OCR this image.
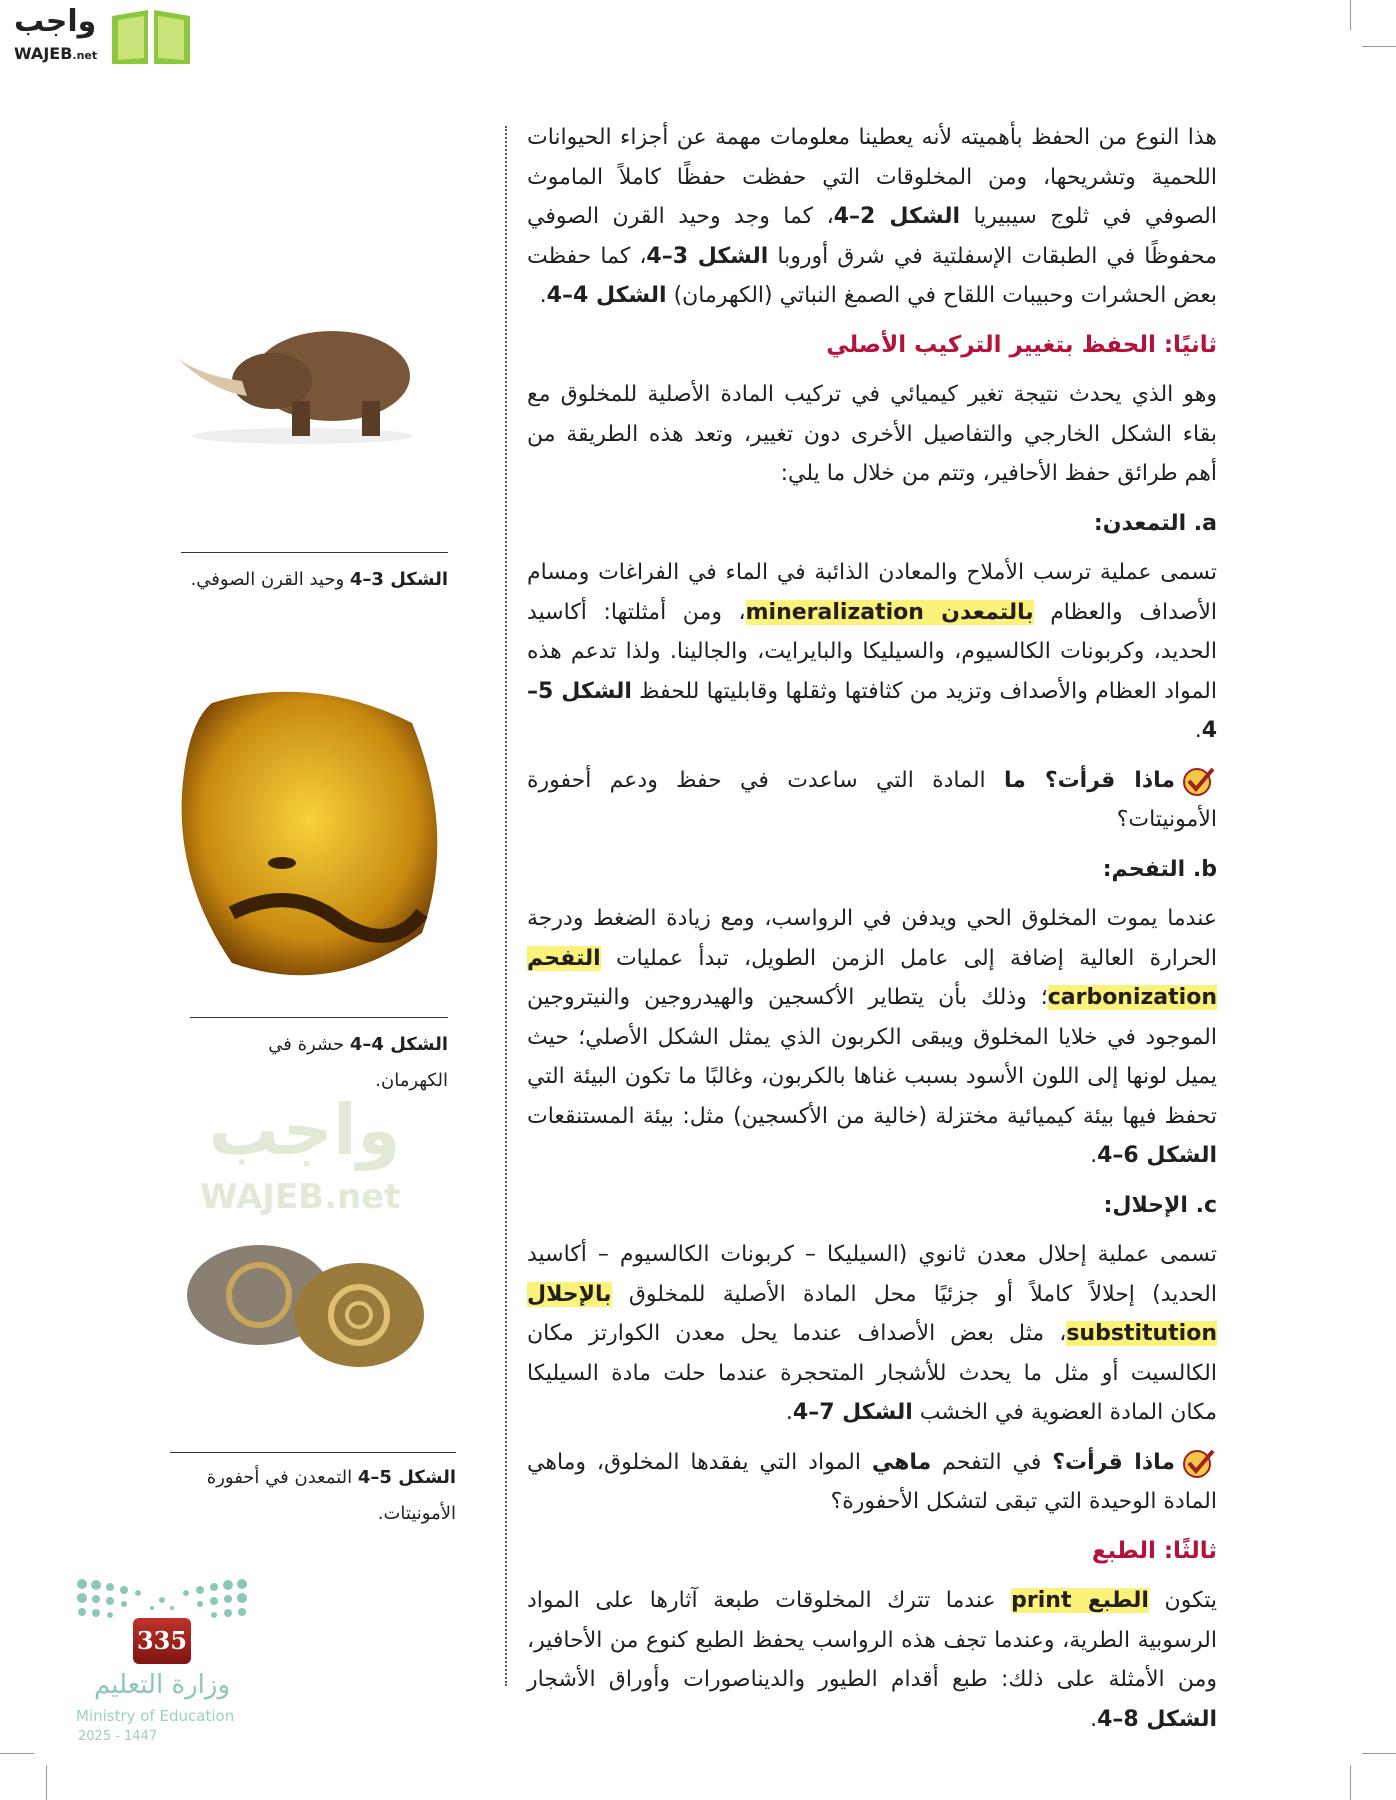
واجب
WAJEB.net
واجب
WAJEB.net

هذا النوع من الحفظ بأهميته لأنه يعطينا معلومات مهمة عن أجزاء الحيوانات اللحمية وتشريحها، ومن المخلوقات التي حفظت حفظًا كاملاً الماموث الصوفي في ثلوج سيبيريا الشكل 2–4، كما وجد وحيد القرن الصوفي محفوظًا في الطبقات الإسفلتية في شرق أوروبا الشكل 3–4، كما حفظت بعض الحشرات وحبيبات اللقاح في الصمغ النباتي (الكهرمان) الشكل 4–4.

ثانيًا: الحفظ بتغيير التركيب الأصلي

وهو الذي يحدث نتيجة تغير كيميائي في تركيب المادة الأصلية للمخلوق مع بقاء الشكل الخارجي والتفاصيل الأخرى دون تغيير، وتعد هذه الطريقة من أهم طرائق حفظ الأحافير، وتتم من خلال ما يلي:

a. التمعدن:

تسمى عملية ترسب الأملاح والمعادن الذائبة في الماء في الفراغات ومسام الأصداف والعظام بالتمعدن mineralization، ومن أمثلتها: أكاسيد الحديد، وكربونات الكالسيوم، والسيليكا والبايرايت، والجالينا. ولذا تدعم هذه المواد العظام والأصداف وتزيد من كثافتها وثقلها وقابليتها للحفظ الشكل 5–4.

ماذا قرأت؟ ما المادة التي ساعدت في حفظ ودعم أحفورة الأمونيتات؟

b. التفحم:

عندما يموت المخلوق الحي ويدفن في الرواسب، ومع زيادة الضغط ودرجة الحرارة العالية إضافة إلى عامل الزمن الطويل، تبدأ عمليات التفحم carbonization؛ وذلك بأن يتطاير الأكسجين والهيدروجين والنيتروجين الموجود في خلايا المخلوق ويبقى الكربون الذي يمثل الشكل الأصلي؛ حيث يميل لونها إلى اللون الأسود بسبب غناها بالكربون، وغالبًا ما تكون البيئة التي تحفظ فيها بيئة كيميائية مختزلة (خالية من الأكسجين) مثل: بيئة المستنقعات الشكل 6–4.

c. الإحلال:

تسمى عملية إحلال معدن ثانوي (السيليكا – كربونات الكالسيوم – أكاسيد الحديد) إحلالاً كاملاً أو جزئيًا محل المادة الأصلية للمخلوق بالإحلال substitution، مثل بعض الأصداف عندما يحل معدن الكوارتز مكان الكالسيت أو مثل ما يحدث للأشجار المتحجرة عندما حلت مادة السيليكا مكان المادة العضوية في الخشب الشكل 7–4.

ماذا قرأت؟ في التفحم ماهي المواد التي يفقدها المخلوق، وماهي المادة الوحيدة التي تبقى لتشكل الأحفورة؟

ثالثًا: الطبع

يتكون الطبع print عندما تترك المخلوقات طبعة آثارها على المواد الرسوبية الطرية، وعندما تجف هذه الرواسب يحفظ الطبع كنوع من الأحافير، ومن الأمثلة على ذلك: طبع أقدام الطيور والديناصورات وأوراق الأشجار الشكل 8–4.

الشكل 3–4 وحيد القرن الصوفي.
الشكل 4–4 حشرة في الكهرمان.
الشكل 5–4 التمعدن في أحفورة الأمونيتات.
335
وزارة التعليم
Ministry of Education
2025 - 1447
